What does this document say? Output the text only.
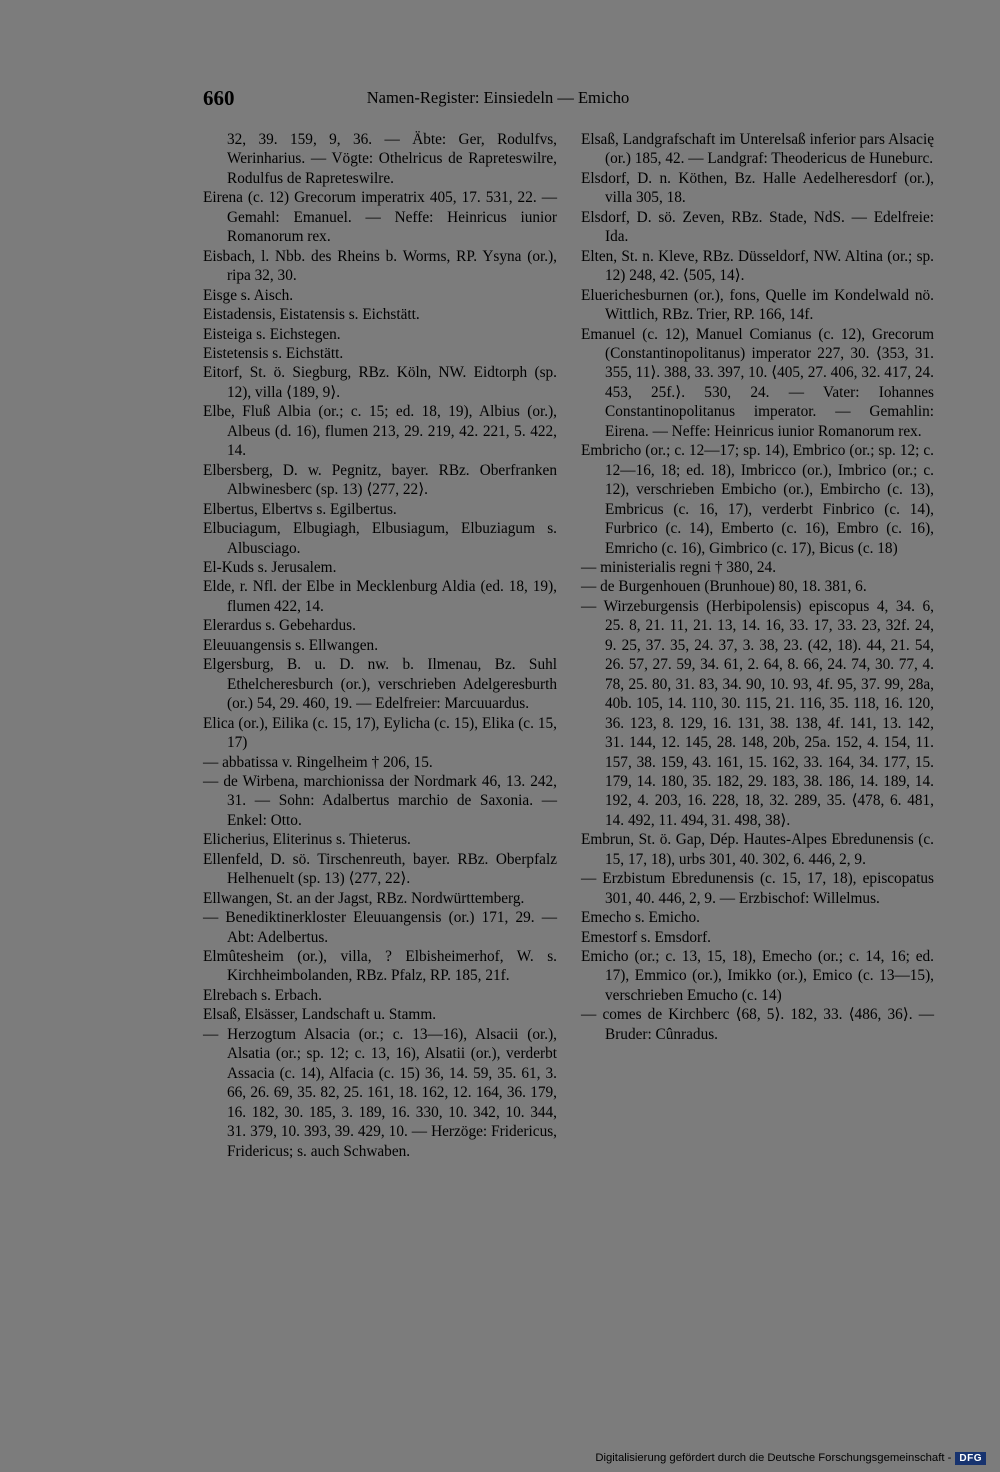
660	Namen-Register: Einsiedeln — Emicho

32, 39. 159, 9, 36. — Äbte: Ger, Rodulfvs, Werinharius. — Vögte: Othelricus de Rapreteswilre, Rodulfus de Rapreteswilre.

Eirena (c. 12) Grecorum imperatrix 405, 17. 531, 22. — Gemahl: Emanuel. — Neffe: Heinricus iunior Romanorum rex.

Eisbach, l. Nbb. des Rheins b. Worms, RP. Ysyna (or.), ripa 32, 30.

Eisge s. Aisch.

Eistadensis, Eistatensis s. Eichstätt.

Eisteiga s. Eichstegen.

Eistetensis s. Eichstätt.

Eitorf, St. ö. Siegburg, RBz. Köln, NW. Eidtorph (sp. 12), villa ⟨189, 9⟩.

Elbe, Fluß Albia (or.; c. 15; ed. 18, 19), Albius (or.), Albeus (d. 16), flumen 213, 29. 219, 42. 221, 5. 422, 14.

Elbersberg, D. w. Pegnitz, bayer. RBz. Oberfranken Albwinesberc (sp. 13) ⟨277, 22⟩.

Elbertus, Elbertvs s. Egilbertus.

Elbuciagum, Elbugiagh, Elbusiagum, Elbuziagum s. Albusciago.

El-Kuds s. Jerusalem.

Elde, r. Nfl. der Elbe in Mecklenburg Aldia (ed. 18, 19), flumen 422, 14.

Elerardus s. Gebehardus.

Eleuuangensis s. Ellwangen.

Elgersburg, B. u. D. nw. b. Ilmenau, Bz. Suhl Ethelcheresburch (or.), verschrieben Adelgeresburth (or.) 54, 29. 460, 19. — Edelfreier: Marcuuardus.

Elica (or.), Eilika (c. 15, 17), Eylicha (c. 15), Elika (c. 15, 17)

— abbatissa v. Ringelheim † 206, 15.

— de Wirbena, marchionissa der Nordmark 46, 13. 242, 31. — Sohn: Adalbertus marchio de Saxonia. — Enkel: Otto.

Elicherius, Eliterinus s. Thieterus.

Ellenfeld, D. sö. Tirschenreuth, bayer. RBz. Oberpfalz Helhenuelt (sp. 13) ⟨277, 22⟩.

Ellwangen, St. an der Jagst, RBz. Nordwürttemberg.

— Benediktinerkloster Eleuuangensis (or.) 171, 29. — Abt: Adelbertus.

Elmûtesheim (or.), villa, ? Elbisheimerhof, W. s. Kirchheimbolanden, RBz. Pfalz, RP. 185, 21f.

Elrebach s. Erbach.

Elsaß, Elsässer, Landschaft u. Stamm.

— Herzogtum Alsacia (or.; c. 13—16), Alsacii (or.), Alsatia (or.; sp. 12; c. 13, 16), Alsatii (or.), verderbt Assacia (c. 14), Alfacia (c. 15) 36, 14. 59, 35. 61, 3. 66, 26. 69, 35. 82, 25. 161, 18. 162, 12. 164, 36. 179, 16. 182, 30. 185, 3. 189, 16. 330, 10. 342, 10. 344, 31. 379, 10. 393, 39. 429, 10. — Herzöge: Fridericus, Fridericus; s. auch Schwaben.

Elsaß, Landgrafschaft im Unterelsaß inferior pars Alsacię (or.) 185, 42. — Landgraf: Theodericus de Huneburc.

Elsdorf, D. n. Köthen, Bz. Halle Aedelheresdorf (or.), villa 305, 18.

Elsdorf, D. sö. Zeven, RBz. Stade, NdS. — Edelfreie: Ida.

Elten, St. n. Kleve, RBz. Düsseldorf, NW. Altina (or.; sp. 12) 248, 42. ⟨505, 14⟩.

Eluerichesburnen (or.), fons, Quelle im Kondelwald nö. Wittlich, RBz. Trier, RP. 166, 14f.

Emanuel (c. 12), Manuel Comianus (c. 12), Grecorum (Constantinopolitanus) imperator 227, 30. ⟨353, 31. 355, 11⟩. 388, 33. 397, 10. ⟨405, 27. 406, 32. 417, 24. 453, 25f.⟩. 530, 24. — Vater: Iohannes Constantinopolitanus imperator. — Gemahlin: Eirena. — Neffe: Heinricus iunior Romanorum rex.

Embricho (or.; c. 12—17; sp. 14), Embrico (or.; sp. 12; c. 12—16, 18; ed. 18), Imbricco (or.), Imbrico (or.; c. 12), verschrieben Embicho (or.), Embircho (c. 13), Embricus (c. 16, 17), verderbt Finbrico (c. 14), Furbrico (c. 14), Emberto (c. 16), Embro (c. 16), Emricho (c. 16), Gimbrico (c. 17), Bicus (c. 18)

— ministerialis regni † 380, 24.

— de Burgenhouen (Brunhoue) 80, 18. 381, 6.

— Wirzeburgensis (Herbipolensis) episcopus 4, 34. 6, 25. 8, 21. 11, 21. 13, 14. 16, 33. 17, 33. 23, 32f. 24, 9. 25, 37. 35, 24. 37, 3. 38, 23. (42, 18). 44, 21. 54, 26. 57, 27. 59, 34. 61, 2. 64, 8. 66, 24. 74, 30. 77, 4. 78, 25. 80, 31. 83, 34. 90, 10. 93, 4f. 95, 37. 99, 28a, 40b. 105, 14. 110, 30. 115, 21. 116, 35. 118, 16. 120, 36. 123, 8. 129, 16. 131, 38. 138, 4f. 141, 13. 142, 31. 144, 12. 145, 28. 148, 20b, 25a. 152, 4. 154, 11. 157, 38. 159, 43. 161, 15. 162, 33. 164, 34. 177, 15. 179, 14. 180, 35. 182, 29. 183, 38. 186, 14. 189, 14. 192, 4. 203, 16. 228, 18, 32. 289, 35. ⟨478, 6. 481, 14. 492, 11. 494, 31. 498, 38⟩.

Embrun, St. ö. Gap, Dép. Hautes-Alpes Ebredunensis (c. 15, 17, 18), urbs 301, 40. 302, 6. 446, 2, 9.

— Erzbistum Ebredunensis (c. 15, 17, 18), episcopatus 301, 40. 446, 2, 9. — Erzbischof: Willelmus.

Emecho s. Emicho.

Emestorf s. Emsdorf.

Emicho (or.; c. 13, 15, 18), Emecho (or.; c. 14, 16; ed. 17), Emmico (or.), Imikko (or.), Emico (c. 13—15), verschrieben Emucho (c. 14)

— comes de Kirchberc ⟨68, 5⟩. 182, 33. ⟨486, 36⟩. — Bruder: Cûnradus.

Digitalisierung gefördert durch die Deutsche Forschungsgemeinschaft - DFG
